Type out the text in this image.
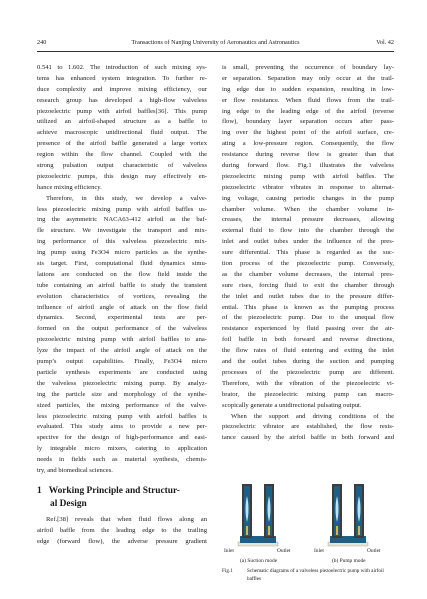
240	Transactions of Nanjing University of Aeronautics and Astronautics	Vol. 42
0.541 to 1.602. The introduction of such mixing sys-
tems has enhanced system integration. To further re-
duce complexity and improve mixing efficiency, our
research group has developed a high-flow valveless
piezoelectric pump with airfoil baffles[36]. This pump
utilized an airfoil-shaped structure as a baffle to
achieve macroscopic unidirectional fluid output. The
presence of the airfoil baffle generated a large vortex
region within the flow channel. Coupled with the
strong pulsation output characteristic of valveless
piezoelectric pumps, this design may effectively en-
hance mixing efficiency.
Therefore, in this study, we develop a valve-
less piezoelectric mixing pump with airfoil baffles us-
ing the asymmetric NACA63-412 airfoil as the baf-
fle structure. We investigate the transport and mix-
ing performance of this valveless piezoelectric mix-
ing pump using Fe3O4 micro particles as the synthe-
sis target. First, computational fluid dynamics simu-
lations are conducted on the flow field inside the
tube containing an airfoil baffle to study the transient
evolution characteristics of vortices, revealing the
influence of airfoil angle of attack on the flow field
dynamics. Second, experimental tests are per-
formed on the output performance of the valveless
piezoelectric mixing pump with airfoil baffles to ana-
lyze the impact of the airfoil angle of attack on the
pump’s output capabilities. Finally, Fe3O4 micro
particle synthesis experiments are conducted using
the valveless piezoelectric mixing pump. By analyz-
ing the particle size and morphology of the synthe-
sized particles, the mixing performance of the valve-
less piezoelectric mixing pump with airfoil baffles is
evaluated. This study aims to provide a new per-
spective for the design of high-performance and easi-
ly integrable micro mixers, catering to application
needs in fields such as material synthesis, chemis-
try, and biomedical sciences.
1 Working Principle and Structur-
al Design
Ref.[38] reveals that when fluid flows along an
airfoil baffle from the leading edge to the trailing
edge (forward flow), the adverse pressure gradient
is small, preventing the occurrence of boundary lay-
er separation. Separation may only occur at the trail-
ing edge due to sudden expansion, resulting in low-
er flow resistance. When fluid flows from the trail-
ing edge to the leading edge of the airfoil (reverse
flow), boundary layer separation occurs after pass-
ing over the highest point of the airfoil surface, cre-
ating a low-pressure region. Consequently, the flow
resistance during reverse flow is greater than that
during forward flow. Fig.1 illustrates the valveless
piezoelectric mixing pump with airfoil baffles. The
piezoelectric vibrator vibrates in response to alternat-
ing voltage, causing periodic changes in the pump
chamber volume. When the chamber volume in-
creases, the internal pressure decreases, allowing
external fluid to flow into the chamber through the
inlet and outlet tubes under the influence of the pres-
sure differential. This phase is regarded as the suc-
tion process of the piezoelectric pump. Conversely,
as the chamber volume decreases, the internal pres-
sure rises, forcing fluid to exit the chamber through
the inlet and outlet tubes due to the pressure differ-
ential. This phase is known as the pumping process
of the piezoelectric pump. Due to the unequal flow
resistance experienced by fluid passing over the air-
foil baffle in both forward and reverse directions,
the flow rates of fluid entering and exiting the inlet
and the outlet tubes during the suction and pumping
processes of the piezoelectric pump are different.
Therefore, with the vibration of the piezoelectric vi-
brator, the piezoelectric mixing pump can macro-
scopically generate a unidirectional pulsating output.
When the support and driving conditions of the
piezoelectric vibrator are established, the flow resis-
tance caused by the airfoil baffle in both forward and
Inlet	Outlet	Inlet	Outlet
(a) Suction mode	(b) Pump mode
Fig.1	Schematic diagrams of a valveless piezoelectric pump with airfoil baffles
